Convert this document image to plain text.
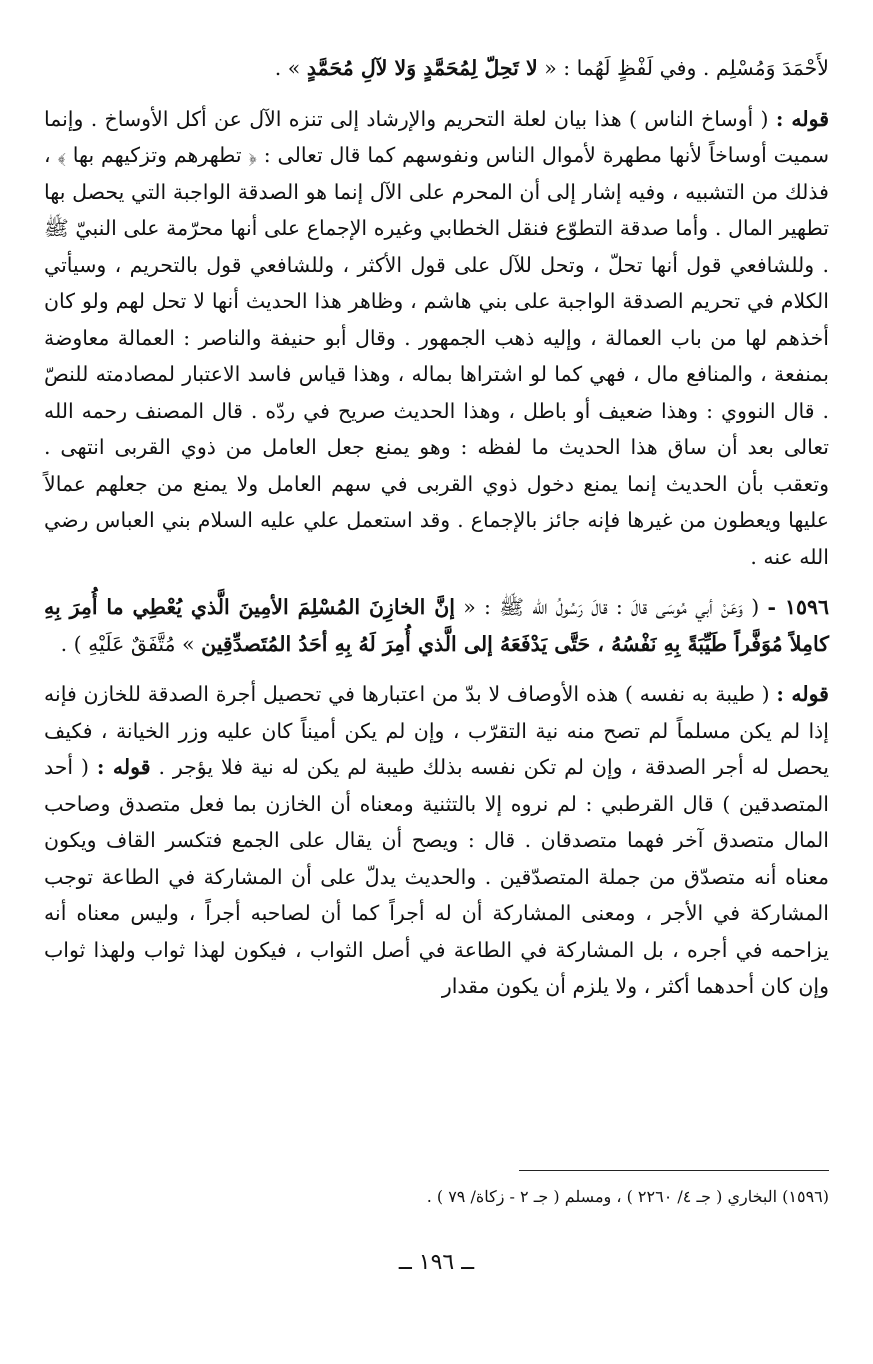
لأَحْمَدَ وَمُسْلِم . وفي لَفْظٍ لَهُما : « لا تَحِلّ لِمُحَمَّدٍ وَلا لآلِ مُحَمَّدٍ » .

قوله : ( أوساخ الناس ) هذا بيان لعلة التحريم والإرشاد إلى تنزه الآل عن أكل الأوساخ . وإنما سميت أوساخاً لأنها مطهرة لأموال الناس ونفوسهم كما قال تعالى : ﴿ تطهرهم وتزكيهم بها ﴾ ، فذلك من التشبيه ، وفيه إشار إلى أن المحرم على الآل إنما هو الصدقة الواجبة التي يحصل بها تطهير المال . وأما صدقة التطوّع فنقل الخطابي وغيره الإجماع على أنها محرّمة على النبيّ ﷺ . وللشافعي قول أنها تحلّ ، وتحل للآل على قول الأكثر ، وللشافعي قول بالتحريم ، وسيأتي الكلام في تحريم الصدقة الواجبة على بني هاشم ، وظاهر هذا الحديث أنها لا تحل لهم ولو كان أخذهم لها من باب العمالة ، وإليه ذهب الجمهور . وقال أبو حنيفة والناصر : العمالة معاوضة بمنفعة ، والمنافع مال ، فهي كما لو اشتراها بماله ، وهذا قياس فاسد الاعتبار لمصادمته للنصّ . قال النووي : وهذا ضعيف أو باطل ، وهذا الحديث صريح في ردّه . قال المصنف رحمه الله تعالى بعد أن ساق هذا الحديث ما لفظه : وهو يمنع جعل العامل من ذوي القربى انتهى . وتعقب بأن الحديث إنما يمنع دخول ذوي القربى في سهم العامل ولا يمنع من جعلهم عمالاً عليها ويعطون من غيرها فإنه جائز بالإجماع . وقد استعمل علي عليه السلام بني العباس رضي الله عنه .

١٥٩٦ - ( وَعَنْ أبي مُوسَى قالَ : قالَ رَسُولُ الله ﷺ : « إنَّ الخازِنَ المُسْلِمَ الأمِينَ الَّذي يُعْطِي ما أُمِرَ بِهِ كامِلاً مُوَفَّراً طَيِّبَةً بِهِ نَفْسُهُ ، حَتَّى يَدْفَعَهُ إلى الَّذي أُمِرَ لَهُ بِهِ أحَدُ المُتَصدِّقِين » مُتَّفَقٌ عَلَيْهِ ) .

قوله : ( طيبة به نفسه ) هذه الأوصاف لا بدّ من اعتبارها في تحصيل أجرة الصدقة للخازن فإنه إذا لم يكن مسلماً لم تصح منه نية التقرّب ، وإن لم يكن أميناً كان عليه وزر الخيانة ، فكيف يحصل له أجر الصدقة ، وإن لم تكن نفسه بذلك طيبة لم يكن له نية فلا يؤجر . قوله : ( أحد المتصدقين ) قال القرطبي : لم نروه إلا بالتثنية ومعناه أن الخازن بما فعل متصدق وصاحب المال متصدق آخر فهما متصدقان . قال : ويصح أن يقال على الجمع فتكسر القاف ويكون معناه أنه متصدّق من جملة المتصدّقين . والحديث يدلّ على أن المشاركة في الطاعة توجب المشاركة في الأجر ، ومعنى المشاركة أن له أجراً كما أن لصاحبه أجراً ، وليس معناه أنه يزاحمه في أجره ، بل المشاركة في الطاعة في أصل الثواب ، فيكون لهذا ثواب ولهذا ثواب وإن كان أحدهما أكثر ، ولا يلزم أن يكون مقدار

(١٥٩٦) البخاري ( جـ ٤/ ٢٢٦٠ ) ، ومسلم ( جـ ٢ - زكاة/ ٧٩ ) .
ــ ١٩٦ ــ
